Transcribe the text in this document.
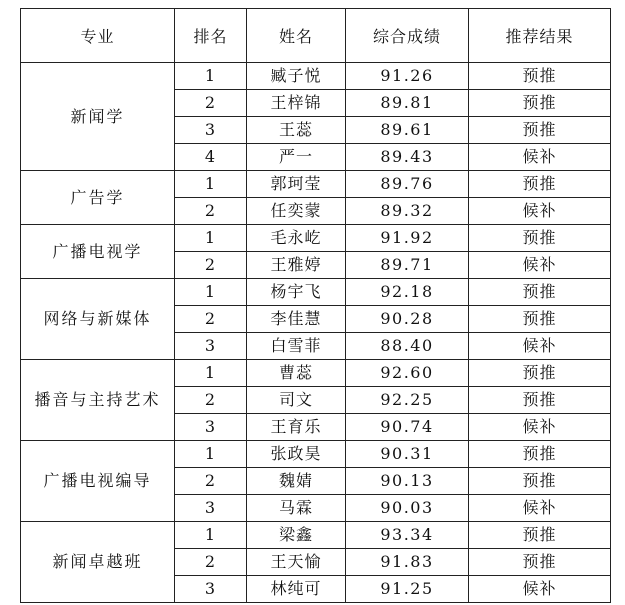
专业	排名	姓名	综合成绩	推荐结果
新闻学	1	臧子悦	91.26	预推
	2	王梓锦	89.81	预推
	3	王蕊	89.61	预推
	4	严一	89.43	候补
广告学	1	郭珂莹	89.76	预推
	2	任奕蒙	89.32	候补
广播电视学	1	毛永屹	91.92	预推
	2	王雅婷	89.71	候补
网络与新媒体	1	杨宇飞	92.18	预推
	2	李佳慧	90.28	预推
	3	白雪菲	88.40	候补
播音与主持艺术	1	曹蕊	92.60	预推
	2	司文	92.25	预推
	3	王育乐	90.74	候补
广播电视编导	1	张政昊	90.31	预推
	2	魏婧	90.13	预推
	3	马霖	90.03	候补
新闻卓越班	1	梁鑫	93.34	预推
	2	王天愉	91.83	预推
	3	林纯可	91.25	候补
